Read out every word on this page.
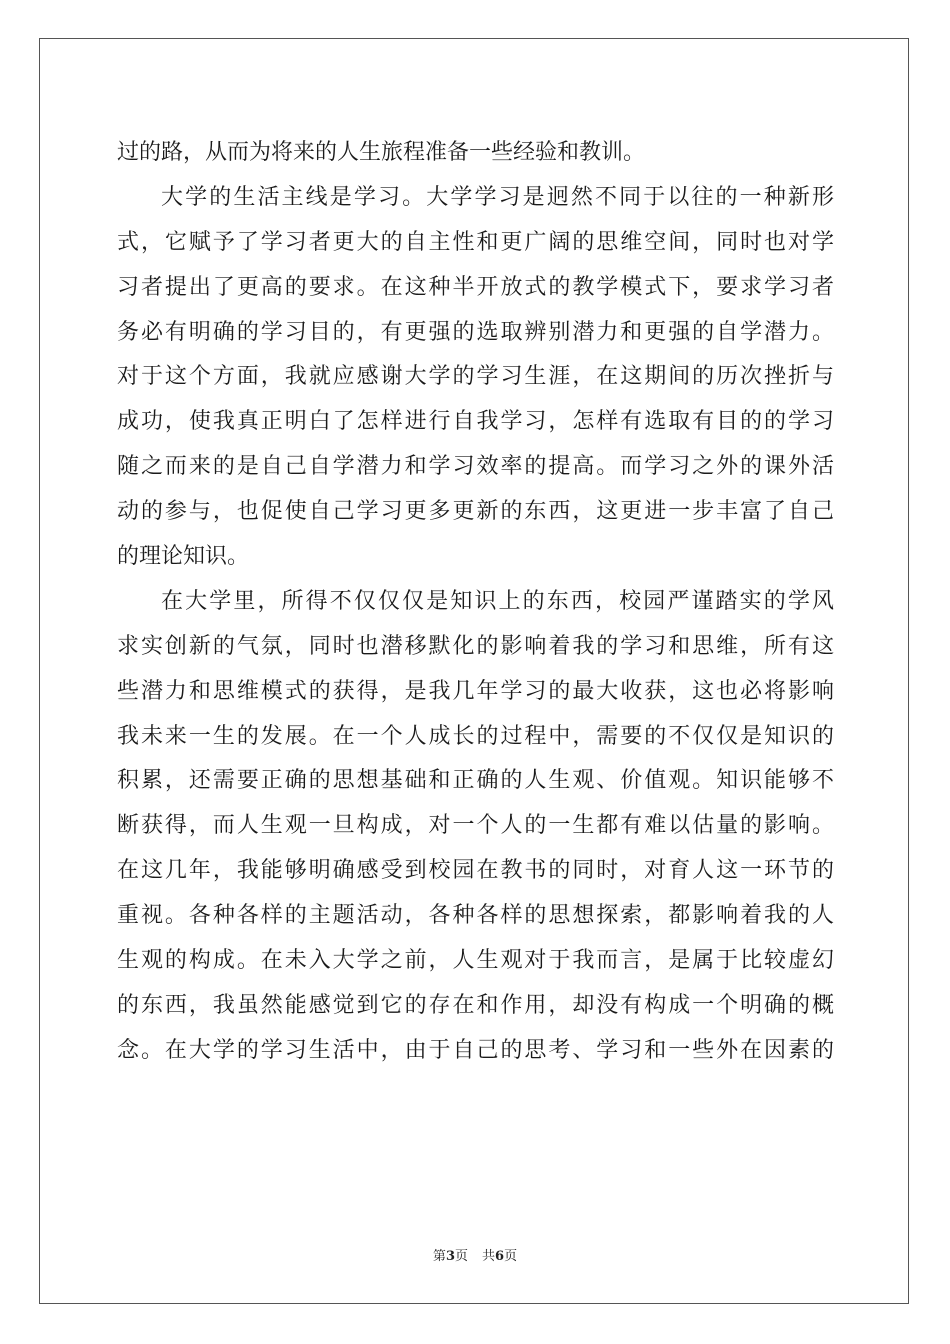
过的路，从而为将来的人生旅程准备一些经验和教训。
大学的生活主线是学习。大学学习是迥然不同于以往的一种新形
式，它赋予了学习者更大的自主性和更广阔的思维空间，同时也对学
习者提出了更高的要求。在这种半开放式的教学模式下，要求学习者
务必有明确的学习目的，有更强的选取辨别潜力和更强的自学潜力。
对于这个方面，我就应感谢大学的学习生涯，在这期间的历次挫折与
成功，使我真正明白了怎样进行自我学习，怎样有选取有目的的学习
随之而来的是自己自学潜力和学习效率的提高。而学习之外的课外活
动的参与，也促使自己学习更多更新的东西，这更进一步丰富了自己
的理论知识。
在大学里，所得不仅仅仅是知识上的东西，校园严谨踏实的学风
求实创新的气氛，同时也潜移默化的影响着我的学习和思维，所有这
些潜力和思维模式的获得，是我几年学习的最大收获，这也必将影响
我未来一生的发展。在一个人成长的过程中，需要的不仅仅是知识的
积累，还需要正确的思想基础和正确的人生观、价值观。知识能够不
断获得，而人生观一旦构成，对一个人的一生都有难以估量的影响。
在这几年，我能够明确感受到校园在教书的同时，对育人这一环节的
重视。各种各样的主题活动，各种各样的思想探索，都影响着我的人
生观的构成。在未入大学之前，人生观对于我而言，是属于比较虚幻
的东西，我虽然能感觉到它的存在和作用，却没有构成一个明确的概
念。在大学的学习生活中，由于自己的思考、学习和一些外在因素的
第3页 共6页
